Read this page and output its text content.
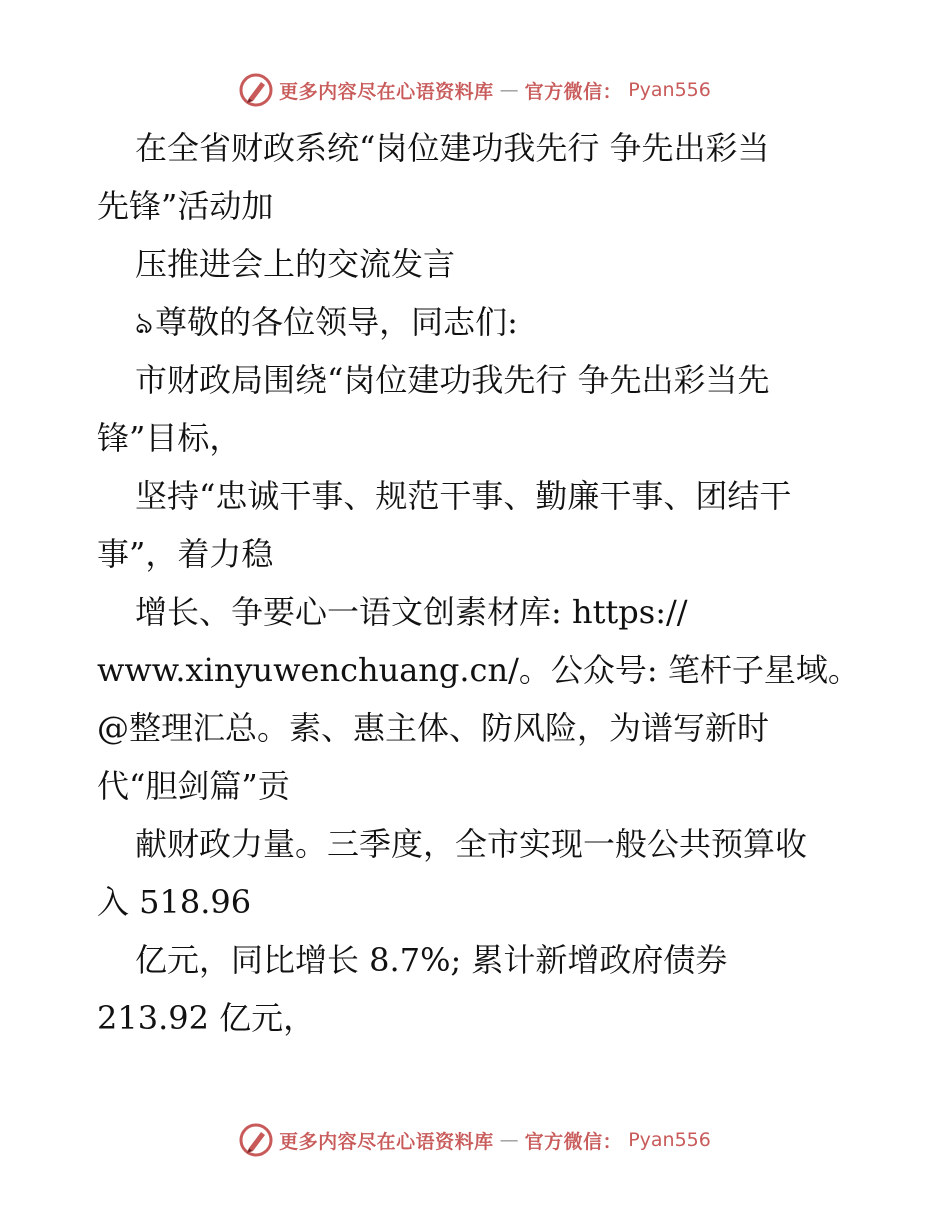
更多内容尽在心语资料库 — 官方微信： Pyan556
在全省财政系统“岗位建功我先行 争先出彩当
先锋”活动加
压推进会上的交流发言
ঌ尊敬的各位领导，同志们:
市财政局围绕“岗位建功我先行 争先出彩当先
锋”目标，
坚持“忠诚干事、规范干事、勤廉干事、团结干
事”，着力稳
增长、争要心一语文创素材库: https://
www.xinyuwenchuang.cn/。公众号: 笔杆子星域。
@整理汇总。素、惠主体、防风险，为谱写新时
代“胆剑篇”贡
献财政力量。三季度，全市实现一般公共预算收
入 518.96
亿元，同比增长 8.7%; 累计新增政府债券
213.92 亿元，
更多内容尽在心语资料库 — 官方微信： Pyan556
